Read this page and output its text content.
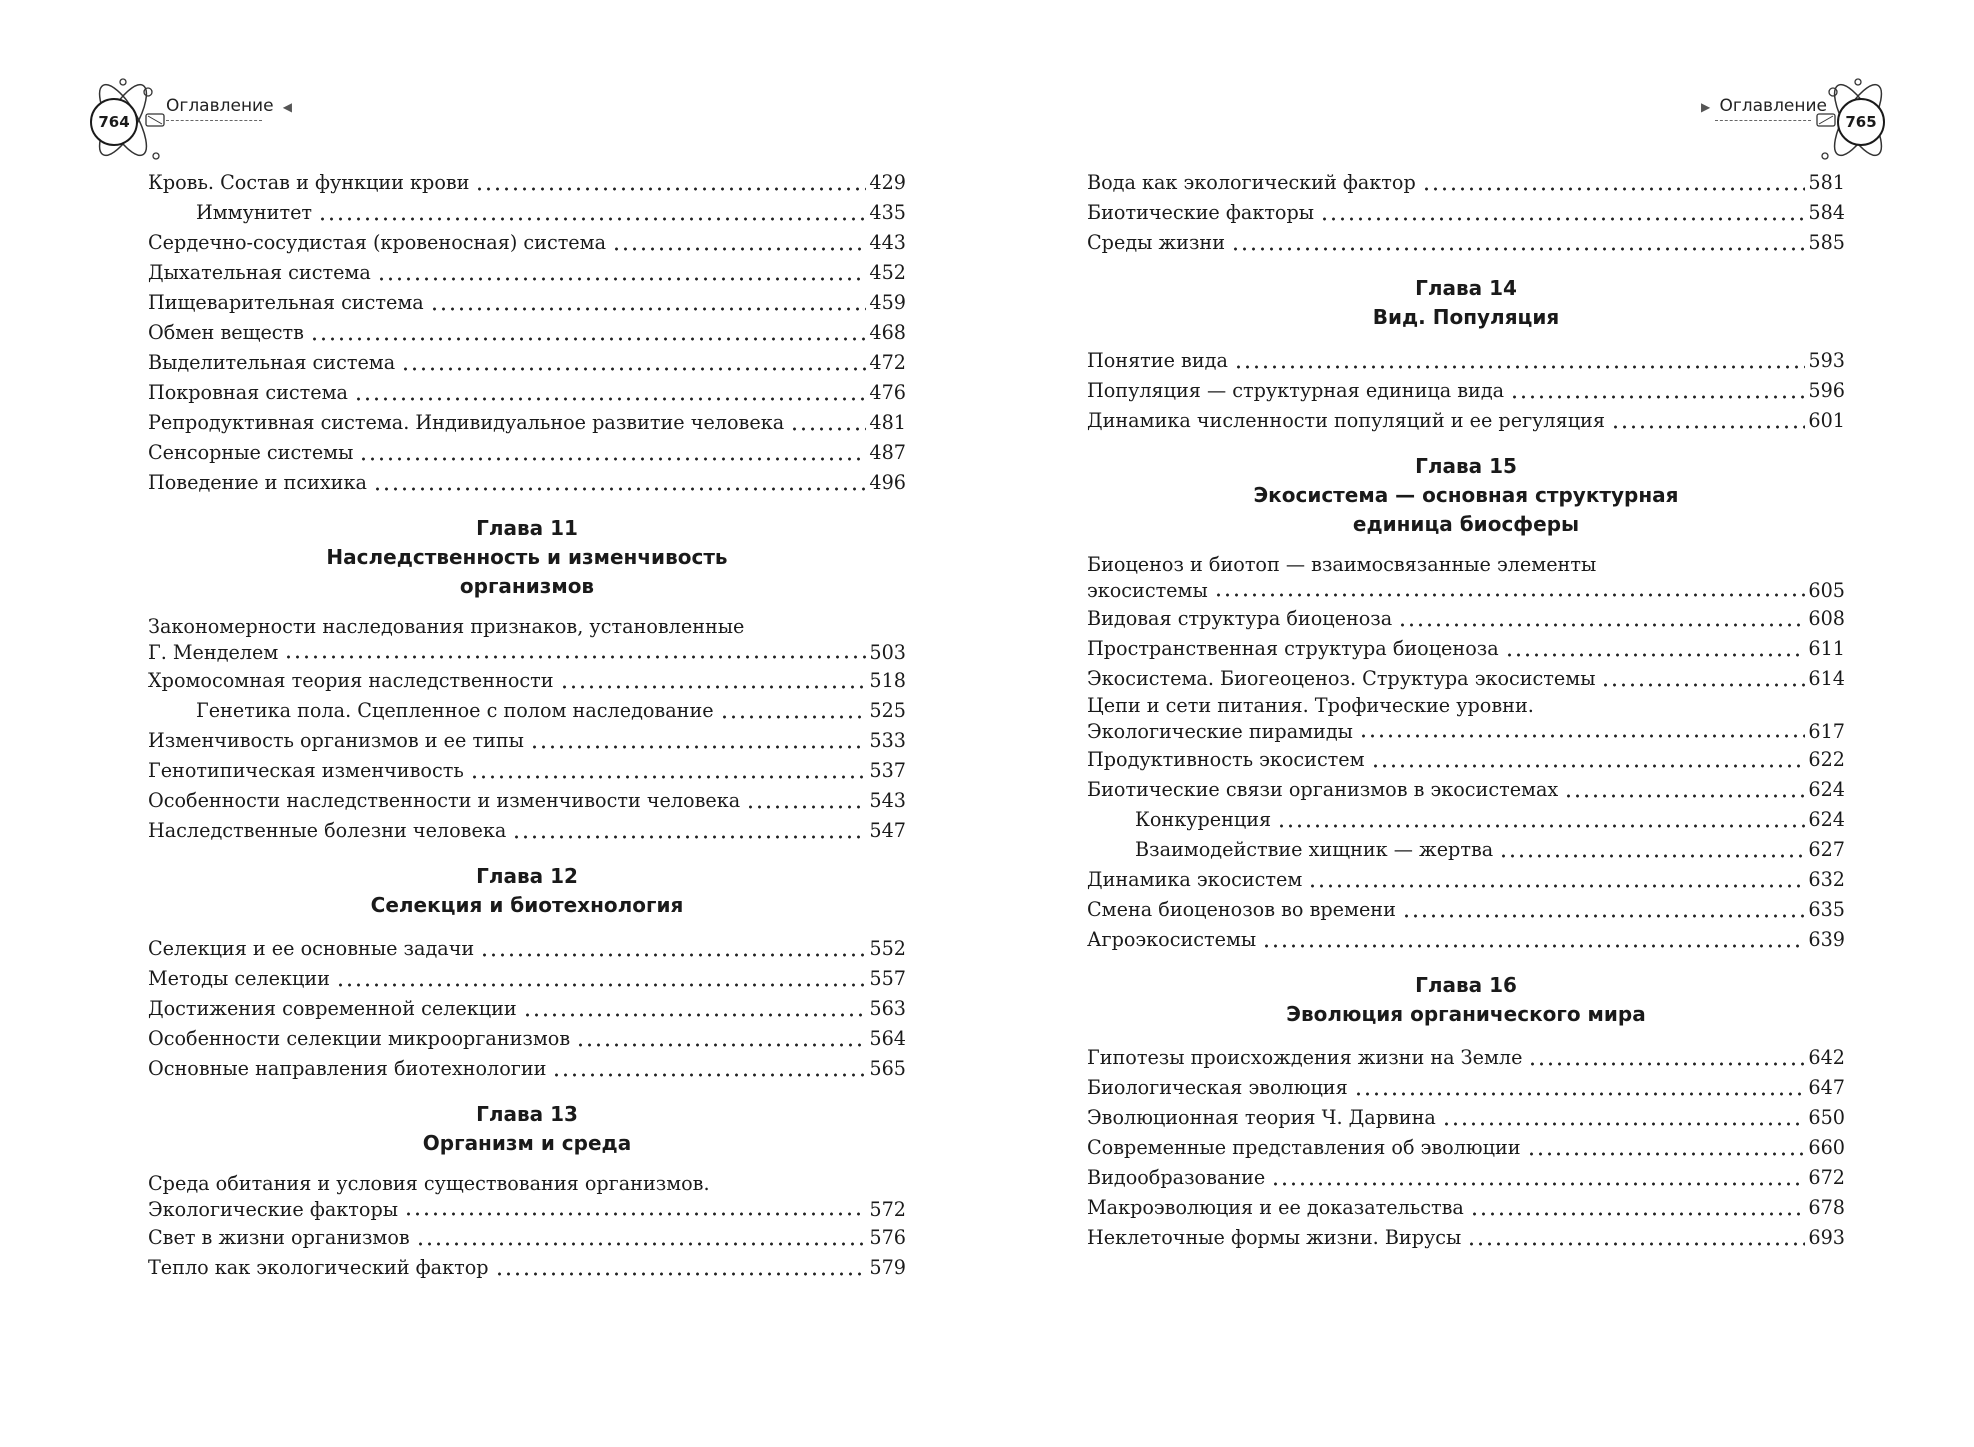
764
Оглавление  ◀
Кровь. Состав и функции крови	429
Иммунитет	435
Сердечно-сосудистая (кровеносная) система	443
Дыхательная система	452
Пищеварительная система	459
Обмен веществ	468
Выделительная система	472
Покровная система	476
Репродуктивная система. Индивидуальное развитие человека	481
Сенсорные системы	487
Поведение и психика	496
Глава 11
Наследственность и изменчивость
организмов
Закономерности наследования признаков, установленные
Г. Менделем	503
Хромосомная теория наследственности	518
Генетика пола. Сцепленное с полом наследование	525
Изменчивость организмов и ее типы	533
Генотипическая изменчивость	537
Особенности наследственности и изменчивости человека	543
Наследственные болезни человека	547
Глава 12
Селекция и биотехнология
Селекция и ее основные задачи	552
Методы селекции	557
Достижения современной селекции	563
Особенности селекции микроорганизмов	564
Основные направления биотехнологии	565
Глава 13
Организм и среда
Среда обитания и условия существования организмов.
Экологические факторы	572
Свет в жизни организмов	576
Тепло как экологический фактор	579
765
▶  Оглавление
Вода как экологический фактор	581
Биотические факторы	584
Среды жизни	585
Глава 14
Вид. Популяция
Понятие вида	593
Популяция — структурная единица вида	596
Динамика численности популяций и ее регуляция	601
Глава 15
Экосистема — основная структурная
единица биосферы
Биоценоз и биотоп — взаимосвязанные элементы
экосистемы	605
Видовая структура биоценоза	608
Пространственная структура биоценоза	611
Экосистема. Биогеоценоз. Структура экосистемы	614
Цепи и сети питания. Трофические уровни.
Экологические пирамиды	617
Продуктивность экосистем	622
Биотические связи организмов в экосистемах	624
Конкуренция	624
Взаимодействие хищник — жертва	627
Динамика экосистем	632
Смена биоценозов во времени	635
Агроэкосистемы	639
Глава 16
Эволюция органического мира
Гипотезы происхождения жизни на Земле	642
Биологическая эволюция	647
Эволюционная теория Ч. Дарвина	650
Современные представления об эволюции	660
Видообразование	672
Макроэволюция и ее доказательства	678
Неклеточные формы жизни. Вирусы	693
